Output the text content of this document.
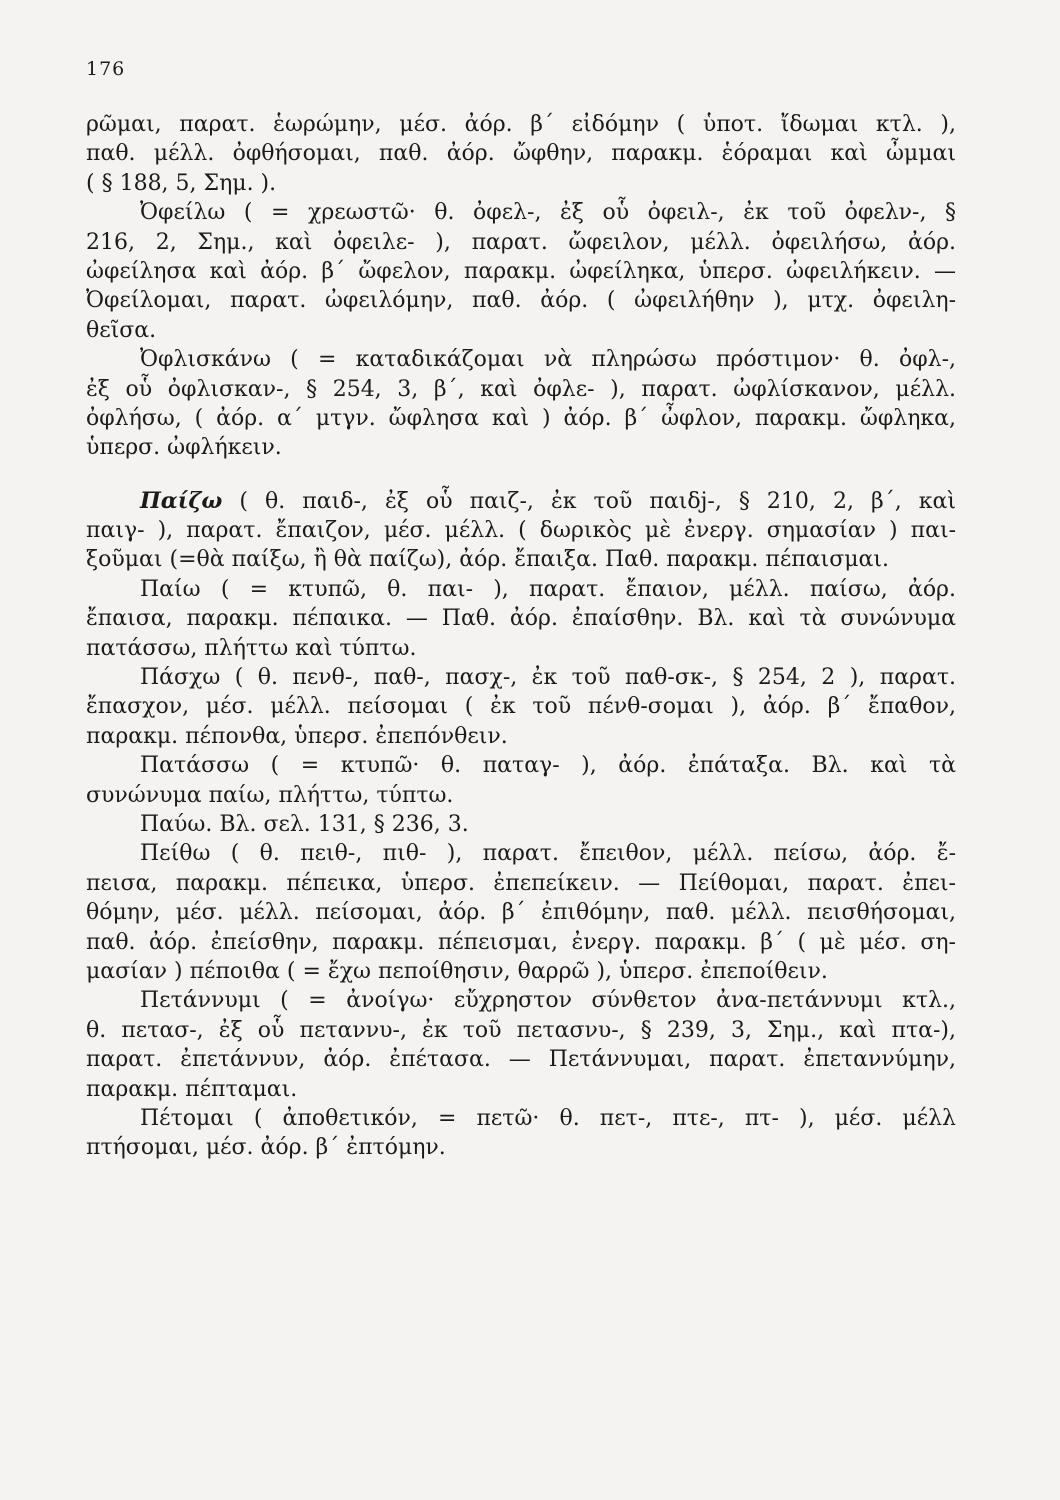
176
ρῶμαι, παρατ. ἑωρώμην, μέσ. ἀόρ. β΄ εἰδόμην ( ὑποτ. ἴδωμαι κτλ. ),
παθ. μέλλ. ὀφθήσομαι, παθ. ἀόρ. ὤφθην, παρακμ. ἑόραμαι καὶ ὦμμαι
( § 188, 5, Σημ. ).
Ὀφείλω ( = χρεωστῶ· θ. ὀφελ-, ἐξ οὗ ὀφειλ-, ἐκ τοῦ ὀφελν-, §
216, 2, Σημ., καὶ ὀφειλε- ), παρατ. ὤφειλον, μέλλ. ὀφειλήσω, ἀόρ.
ὠφείλησα καὶ ἀόρ. β΄ ὤφελον, παρακμ. ὠφείληκα, ὑπερσ. ὠφειλήκειν. —
Ὀφείλομαι, παρατ. ὠφειλόμην, παθ. ἀόρ. ( ὠφειλήθην ), μτχ. ὀφειλη-
θεῖσα.
Ὀφλισκάνω ( = καταδικάζομαι νὰ πληρώσω πρόστιμον· θ. ὀφλ-,
ἐξ οὗ ὀφλισκαν-, § 254, 3, β΄, καὶ ὀφλε- ), παρατ. ὠφλίσκανον, μέλλ.
ὀφλήσω, ( ἀόρ. α΄ μτγν. ὤφλησα καὶ ) ἀόρ. β΄ ὦφλον, παρακμ. ὤφληκα,
ὑπερσ. ὠφλήκειν.
Παίζω ( θ. παιδ-, ἐξ οὗ παιζ-, ἐκ τοῦ παιδj-, § 210, 2, β΄, καὶ
παιγ- ), παρατ. ἔπαιζον, μέσ. μέλλ. ( δωρικὸς μὲ ἐνεργ. σημασίαν ) παι-
ξοῦμαι (=θὰ παίξω, ἢ θὰ παίζω), ἀόρ. ἔπαιξα. Παθ. παρακμ. πέπαισμαι.
Παίω ( = κτυπῶ, θ. παι- ), παρατ. ἔπαιον, μέλλ. παίσω, ἀόρ.
ἔπαισα, παρακμ. πέπαικα. — Παθ. ἀόρ. ἐπαίσθην. Βλ. καὶ τὰ συνώνυμα
πατάσσω, πλήττω καὶ τύπτω.
Πάσχω ( θ. πενθ-, παθ-, πασχ-, ἐκ τοῦ παθ-σκ-, § 254, 2 ), παρατ.
ἔπασχον, μέσ. μέλλ. πείσομαι ( ἐκ τοῦ πένθ-σομαι ), ἀόρ. β΄ ἔπαθον,
παρακμ. πέπονθα, ὑπερσ. ἐπεπόνθειν.
Πατάσσω ( = κτυπῶ· θ. παταγ- ), ἀόρ. ἐπάταξα. Βλ. καὶ τὰ
συνώνυμα παίω, πλήττω, τύπτω.
Παύω. Βλ. σελ. 131, § 236, 3.
Πείθω ( θ. πειθ-, πιθ- ), παρατ. ἔπειθον, μέλλ. πείσω, ἀόρ. ἔ-
πεισα, παρακμ. πέπεικα, ὑπερσ. ἐπεπείκειν. — Πείθομαι, παρατ. ἐπει-
θόμην, μέσ. μέλλ. πείσομαι, ἀόρ. β΄ ἐπιθόμην, παθ. μέλλ. πεισθήσομαι,
παθ. ἀόρ. ἐπείσθην, παρακμ. πέπεισμαι, ἐνεργ. παρακμ. β΄ ( μὲ μέσ. ση-
μασίαν ) πέποιθα ( = ἔχω πεποίθησιν, θαρρῶ ), ὑπερσ. ἐπεποίθειν.
Πετάννυμι ( = ἀνοίγω· εὔχρηστον σύνθετον ἀνα-πετάννυμι κτλ.,
θ. πετασ-, ἐξ οὗ πεταννυ-, ἐκ τοῦ πετασνυ-, § 239, 3, Σημ., καὶ πτα-),
παρατ. ἐπετάννυν, ἀόρ. ἐπέτασα. — Πετάννυμαι, παρατ. ἐπεταννύμην,
παρακμ. πέπταμαι.
Πέτομαι ( ἀποθετικόν, = πετῶ· θ. πετ-, πτε-, πτ- ), μέσ. μέλλ
πτήσομαι, μέσ. ἀόρ. β΄ ἐπτόμην.
